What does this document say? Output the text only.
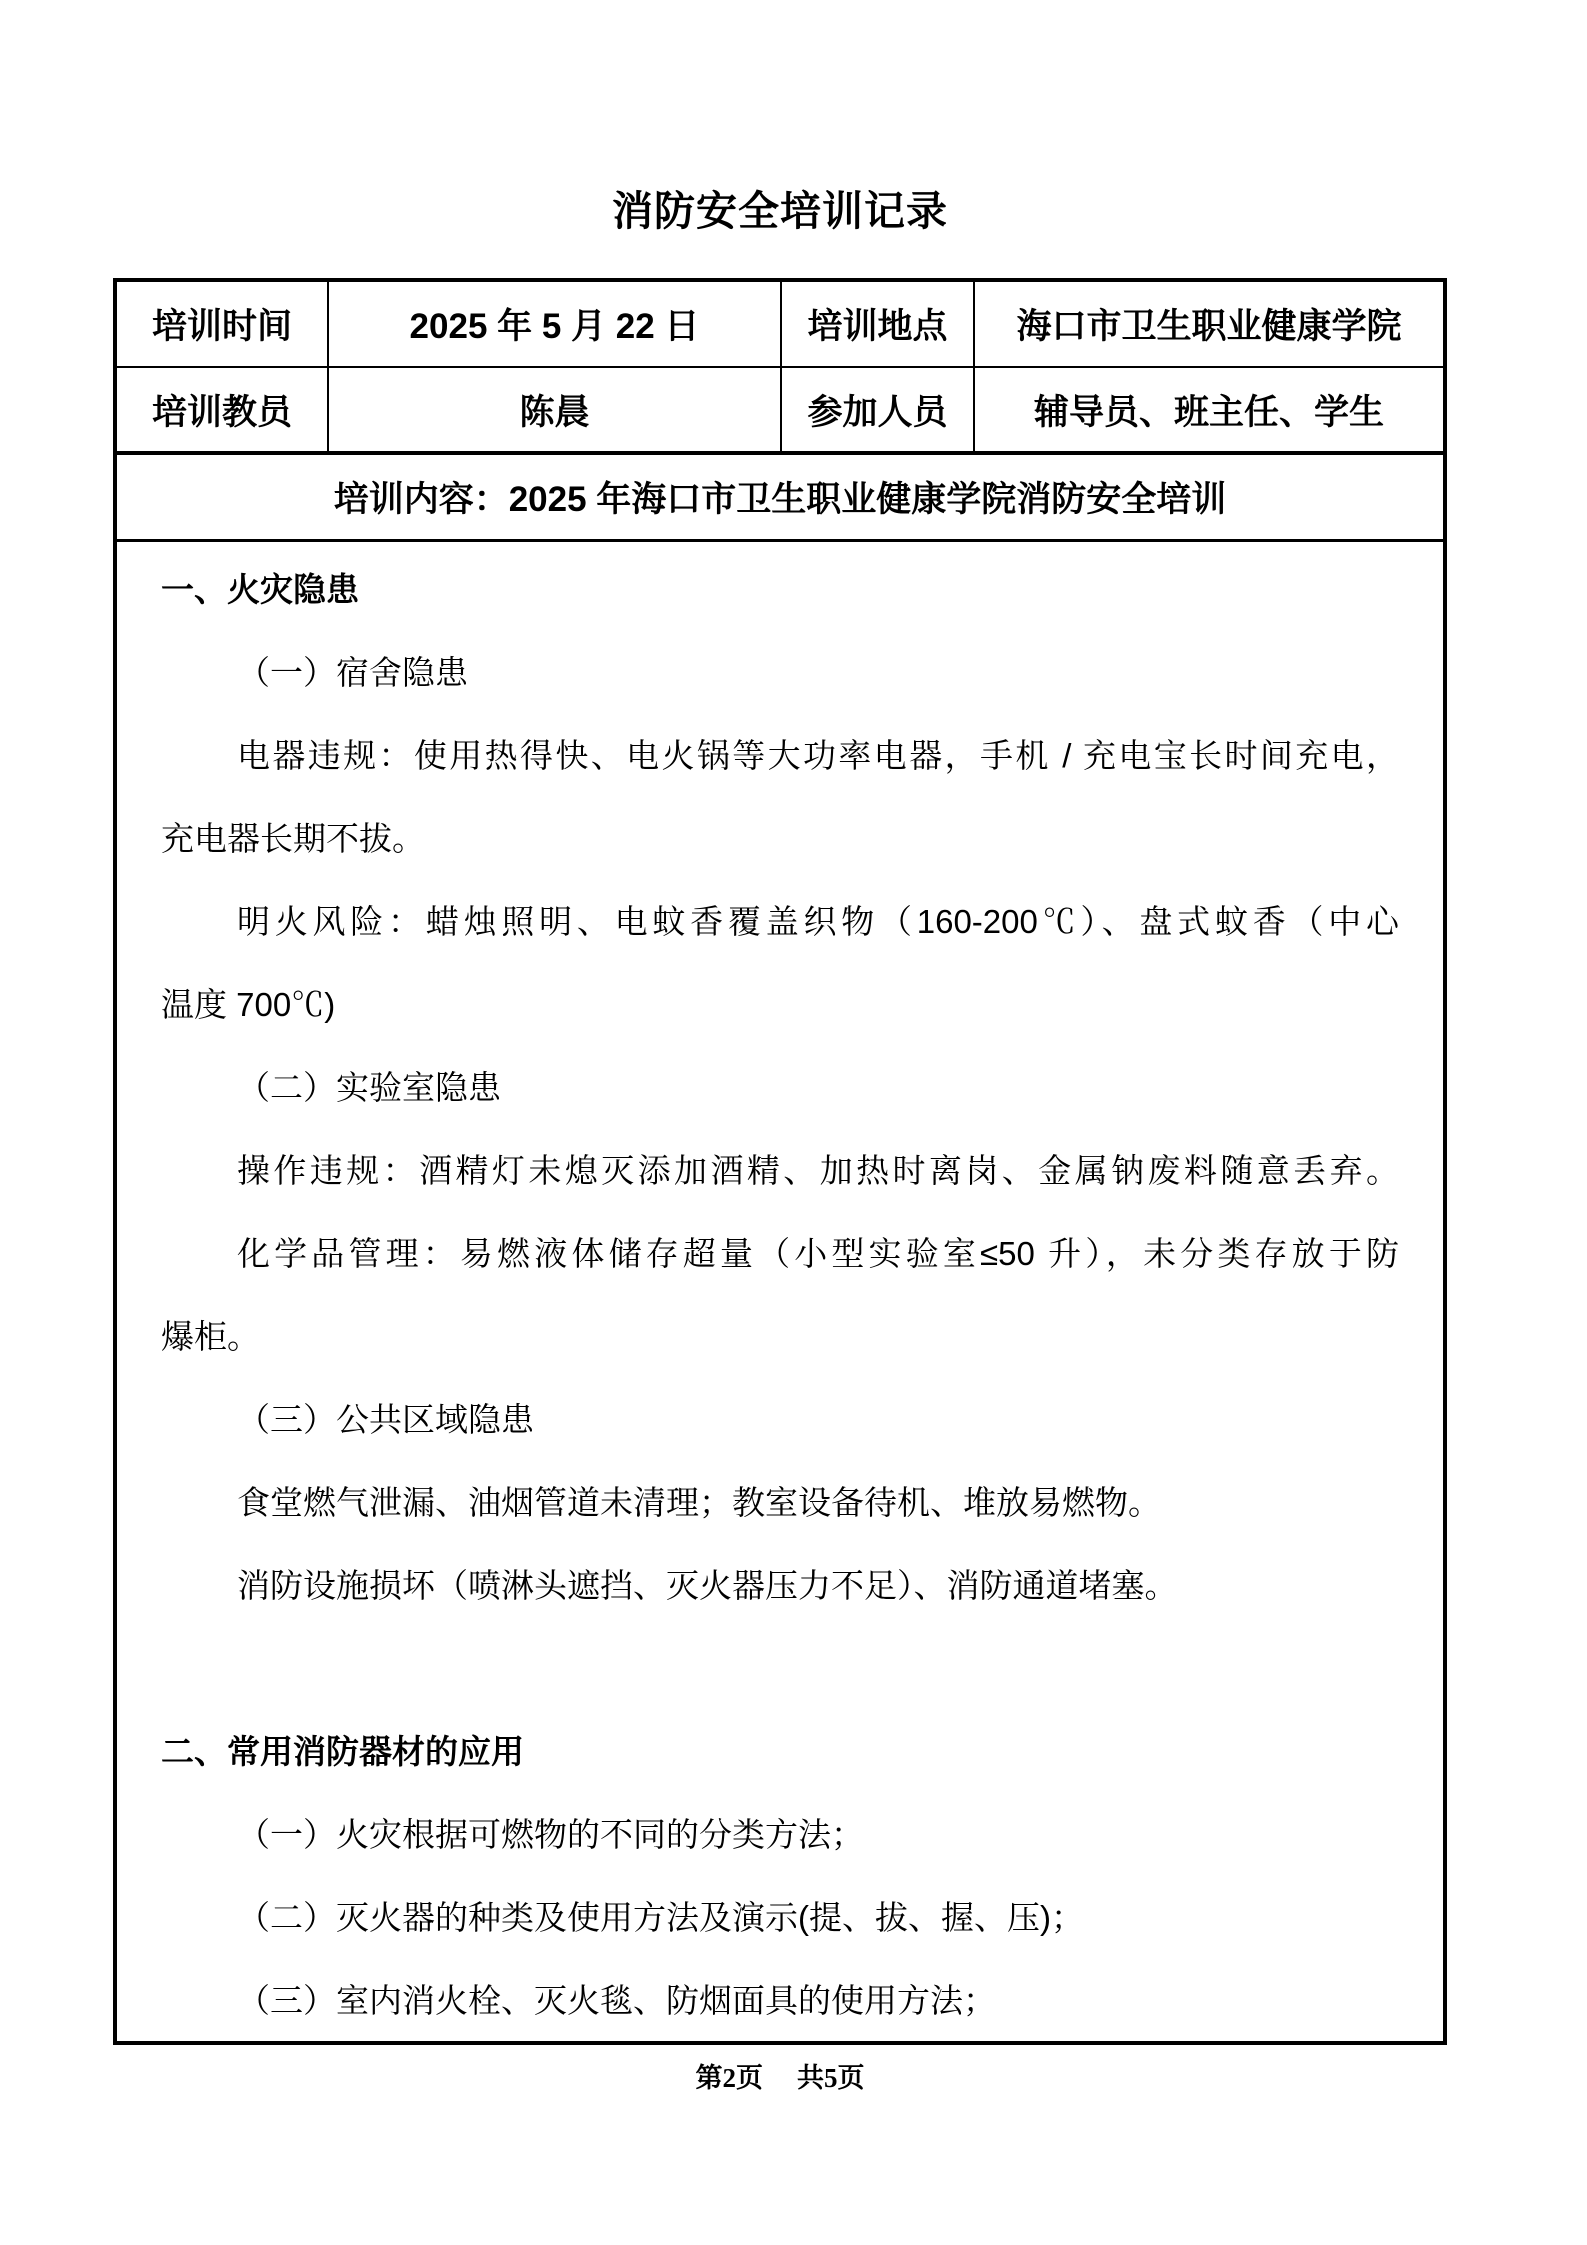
消防安全培训记录
培训时间	2025 年 5 月 22 日	培训地点	海口市卫生职业健康学院
培训教员	陈晨	参加人员	辅导员、班主任、学生
培训内容：2025 年海口市卫生职业健康学院消防安全培训
一、火灾隐患
（一）宿舍隐患
电器违规：使用热得快、电火锅等大功率电器，手机 / 充电宝长时间充电，
充电器长期不拔。
明火风险：蜡烛照明、电蚊香覆盖织物（160-200℃）、盘式蚊香（中心
温度 700℃)
（二）实验室隐患
操作违规：酒精灯未熄灭添加酒精、加热时离岗、金属钠废料随意丢弃。
化学品管理：易燃液体储存超量（小型实验室≤50 升），未分类存放于防
爆柜。
（三）公共区域隐患
食堂燃气泄漏、油烟管道未清理；教室设备待机、堆放易燃物。
消防设施损坏（喷淋头遮挡、灭火器压力不足）、消防通道堵塞。
二、常用消防器材的应用
（一）火灾根据可燃物的不同的分类方法；
（二）灭火器的种类及使用方法及演示(提、拔、握、压)；
（三）室内消火栓、灭火毯、防烟面具的使用方法；
第2页 共5页
